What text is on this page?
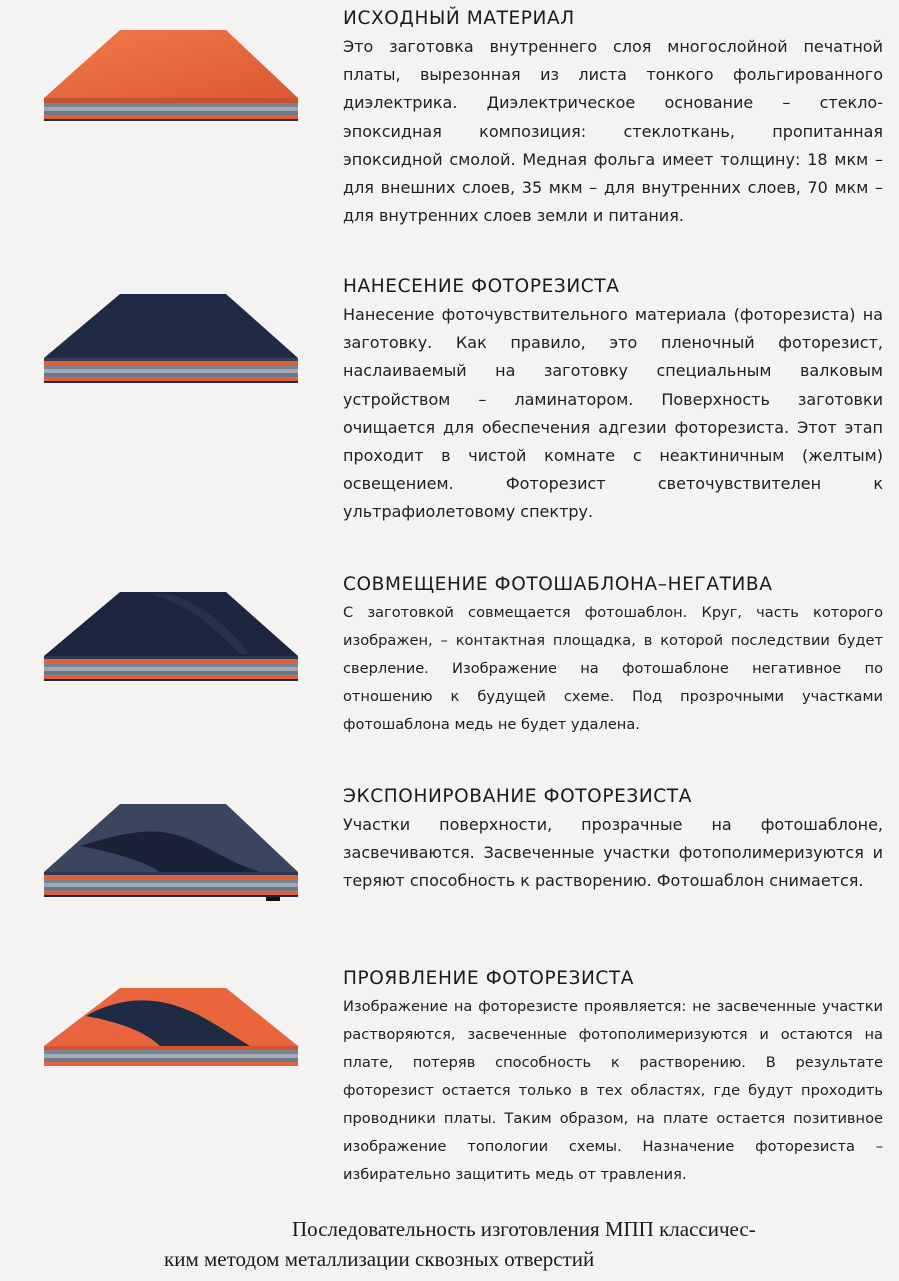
ИСХОДНЫЙ МАТЕРИАЛ

Это заготовка внутреннего слоя многослойной печатной платы, вырезонная из листа тонкого фольгированного диэлектрика. Диэлектрическое основание – стекло-эпоксидная композиция: стеклоткань, пропитанная эпоксидной смолой. Медная фольга имеет толщину: 18 мкм – для внешних слоев, 35 мкм – для внутренних слоев, 70 мкм – для внутренних слоев земли и питания.

НАНЕСЕНИЕ ФОТОРЕЗИСТА

Нанесение фоточувствительного материала (фоторезиста) на заготовку. Как правило, это пленочный фоторезист, наслаиваемый на заготовку специальным валковым устройством – ламинатором. Поверхность заготовки очищается для обеспечения адгезии фоторезиста. Этот этап проходит в чистой комнате с неактиничным (желтым) освещением. Фоторезист светочувствителен к ультрафиолетовому спектру.

СОВМЕЩЕНИЕ ФОТОШАБЛОНА–НЕГАТИВА

С заготовкой совмещается фотошаблон. Круг, часть которого изображен, – контактная площадка, в которой последствии будет сверление. Изображение на фотошаблоне негативное по отношению к будущей схеме. Под прозрочными участками фотошаблона медь не будет удалена.

ЭКСПОНИРОВАНИЕ ФОТОРЕЗИСТА

Участки поверхности, прозрачные на фотошаблоне, засвечиваются. Засвеченные участки фотополимеризуются и теряют способность к растворению. Фотошаблон снимается.

ПРОЯВЛЕНИЕ ФОТОРЕЗИСТА

Изображение на фоторезисте проявляется: не засвеченные участки растворяются, засвеченные фотополимеризуются и остаются на плате, потеряв способность к растворению. В результате фоторезист остается только в тех областях, где будут проходить проводники платы. Таким образом, на плате остается позитивное изображение топологии схемы. Назначение фоторезиста – избирательно защитить медь от травления.

Последовательность изготовления МПП классичес-
ким методом металлизации сквозных отверстий
